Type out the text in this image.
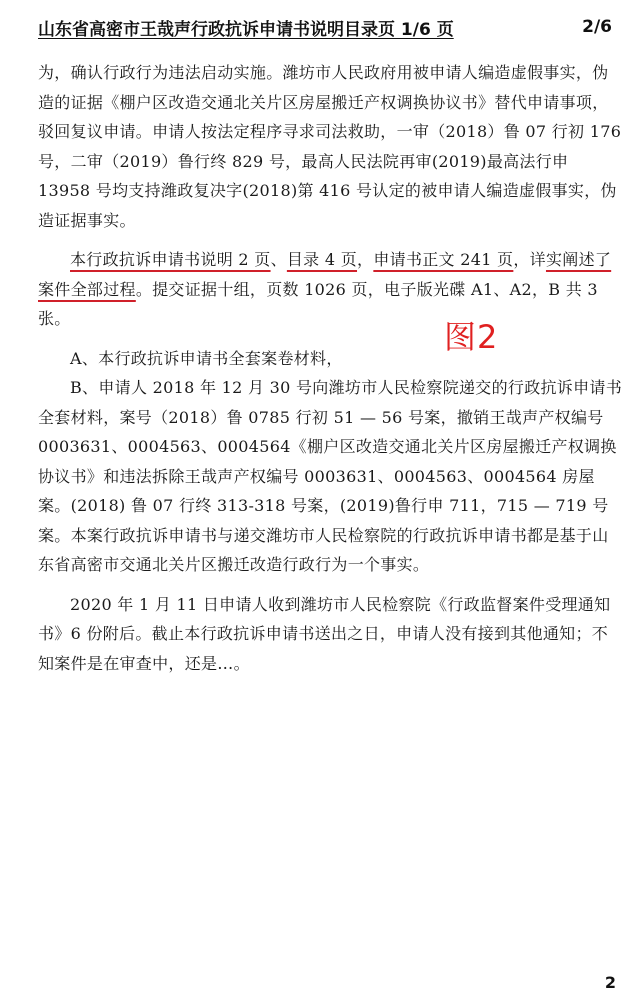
山东省高密市王哉声行政抗诉申请书说明目录页 1/6 页	2/6

为，确认行政行为违法启动实施。潍坊市人民政府用被申请人编造虚假事实，伪造的证据《棚户区改造交通北关片区房屋搬迁产权调换协议书》替代申请事项，驳回复议申请。申请人按法定程序寻求司法救助，一审（2018）鲁 07 行初 176 号，二审（2019）鲁行终 829 号，最高人民法院再审(2019)最高法行申 13958 号均支持潍政复决字(2018)第 416 号认定的被申请人编造虚假事实，伪造证据事实。

本行政抗诉申请书说明 2 页、目录 4 页，申请书正文 241 页，详实阐述了案件全部过程。提交证据十组，页数 1026 页，电子版光碟 A1、A2，B 共 3 张。

A、本行政抗诉申请书全套案卷材料，

B、申请人 2018 年 12 月 30 号向潍坊市人民检察院递交的行政抗诉申请书全套材料，案号（2018）鲁 0785 行初 51 — 56 号案，撤销王哉声产权编号 0003631、0004563、0004564《棚户区改造交通北关片区房屋搬迁产权调换协议书》和违法拆除王哉声产权编号 0003631、0004563、0004564 房屋案。(2018) 鲁 07 行终 313-318 号案，(2019)鲁行申 711，715 — 719 号案。本案行政抗诉申请书与递交潍坊市人民检察院的行政抗诉申请书都是基于山东省高密市交通北关片区搬迁改造行政行为一个事实。

2020 年 1 月 11 日申请人收到潍坊市人民检察院《行政监督案件受理通知书》6 份附后。截止本行政抗诉申请书送出之日，申请人没有接到其他通知；不知案件是在审查中，还是…。

图2
2
